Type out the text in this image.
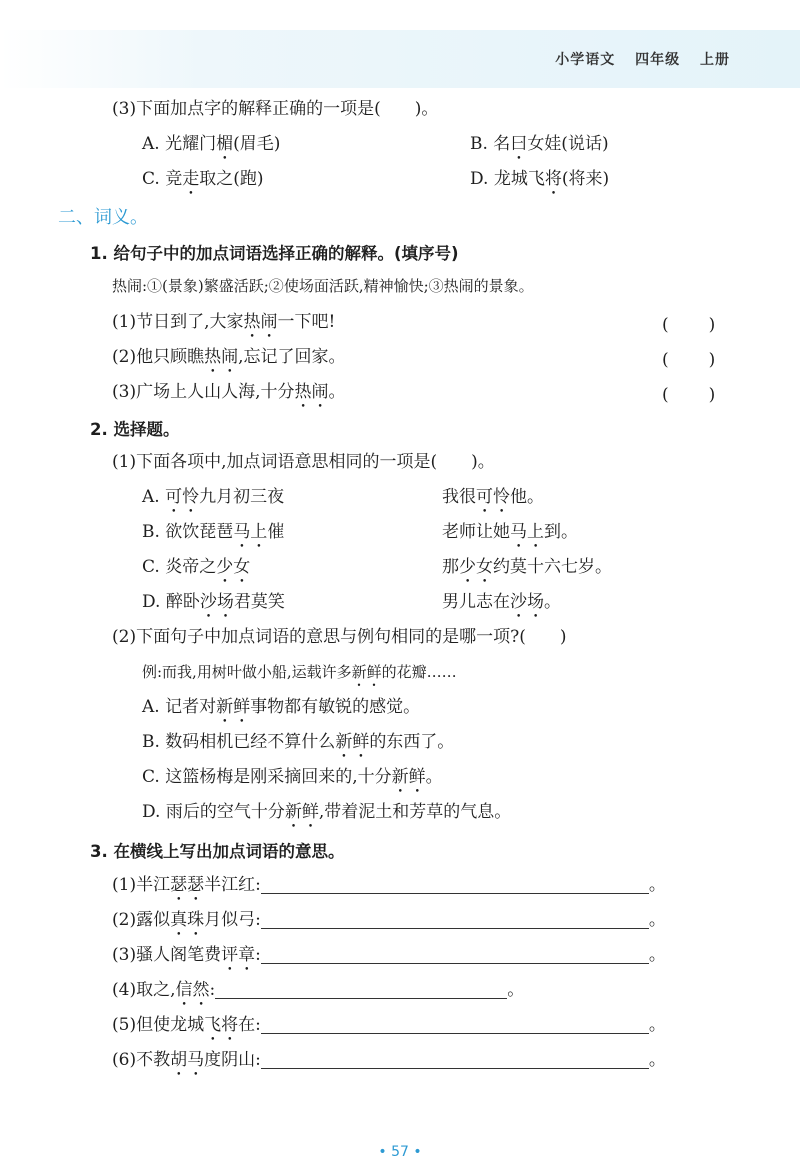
小学语文 四年级 上册
(3)下面加点字的解释正确的一项是(　　)。
A. 光耀门楣(眉毛)	B. 名曰女娃(说话)
C. 竞走取之(跑)	D. 龙城飞将(将来)
二、词义。
1. 给句子中的加点词语选择正确的解释。(填序号)
热闹:①(景象)繁盛活跃;②使场面活跃,精神愉快;③热闹的景象。
(1)节日到了,大家热闹一下吧!	(　　)
(2)他只顾瞧热闹,忘记了回家。	(　　)
(3)广场上人山人海,十分热闹。	(　　)
2. 选择题。
(1)下面各项中,加点词语意思相同的一项是(　　)。
A. 可怜九月初三夜	我很可怜他。
B. 欲饮琵琶马上催	老师让她马上到。
C. 炎帝之少女	那少女约莫十六七岁。
D. 醉卧沙场君莫笑	男儿志在沙场。
(2)下面句子中加点词语的意思与例句相同的是哪一项?(　　)
例:而我,用树叶做小船,运载许多新鲜的花瓣……
A. 记者对新鲜事物都有敏锐的感觉。
B. 数码相机已经不算什么新鲜的东西了。
C. 这篮杨梅是刚采摘回来的,十分新鲜。
D. 雨后的空气十分新鲜,带着泥土和芳草的气息。
3. 在横线上写出加点词语的意思。
(1)半江瑟瑟半江红:	。
(2)露似真珠月似弓:	。
(3)骚人阁笔费评章:	。
(4)取之,信然:	。
(5)但使龙城飞将在:	。
(6)不教胡马度阴山:	。
• 57 •
